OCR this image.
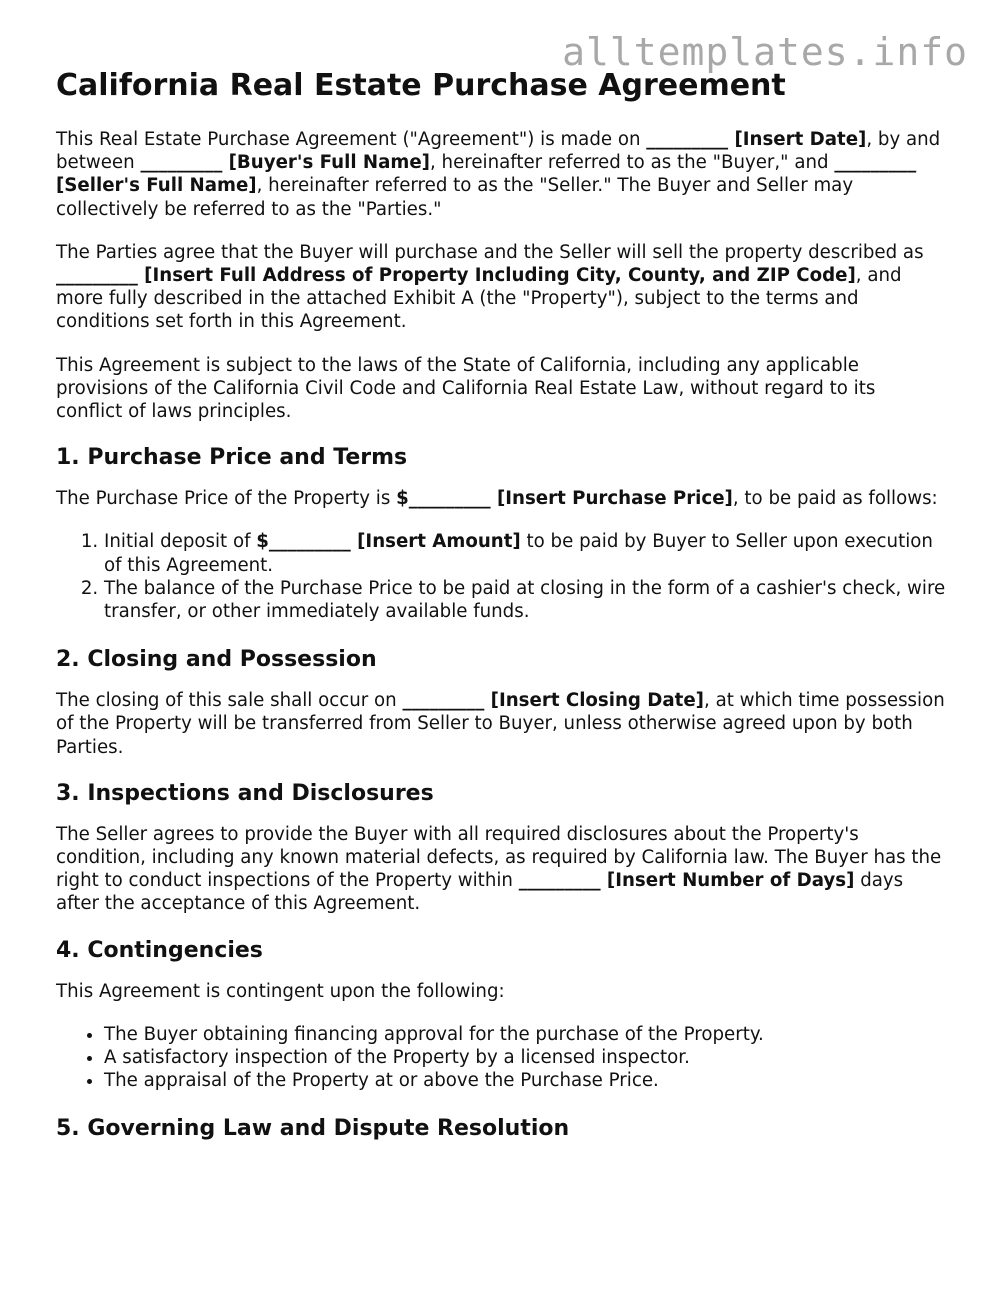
alltemplates.info
California Real Estate Purchase Agreement

This Real Estate Purchase Agreement ("Agreement") is made on _________ [Insert Date], by and between _________ [Buyer's Full Name], hereinafter referred to as the "Buyer," and _________ [Seller's Full Name], hereinafter referred to as the "Seller." The Buyer and Seller may collectively be referred to as the "Parties."

The Parties agree that the Buyer will purchase and the Seller will sell the property described as _________ [Insert Full Address of Property Including City, County, and ZIP Code], and more fully described in the attached Exhibit A (the "Property"), subject to the terms and conditions set forth in this Agreement.

This Agreement is subject to the laws of the State of California, including any applicable provisions of the California Civil Code and California Real Estate Law, without regard to its conflict of laws principles.

1. Purchase Price and Terms

The Purchase Price of the Property is $_________ [Insert Purchase Price], to be paid as follows:

1. Initial deposit of $_________ [Insert Amount] to be paid by Buyer to Seller upon execution of this Agreement.
2. The balance of the Purchase Price to be paid at closing in the form of a cashier's check, wire transfer, or other immediately available funds.
2. Closing and Possession

The closing of this sale shall occur on _________ [Insert Closing Date], at which time possession of the Property will be transferred from Seller to Buyer, unless otherwise agreed upon by both Parties.

3. Inspections and Disclosures

The Seller agrees to provide the Buyer with all required disclosures about the Property's condition, including any known material defects, as required by California law. The Buyer has the right to conduct inspections of the Property within _________ [Insert Number of Days] days after the acceptance of this Agreement.

4. Contingencies

This Agreement is contingent upon the following:

• The Buyer obtaining financing approval for the purchase of the Property.
• A satisfactory inspection of the Property by a licensed inspector.
• The appraisal of the Property at or above the Purchase Price.
5. Governing Law and Dispute Resolution
